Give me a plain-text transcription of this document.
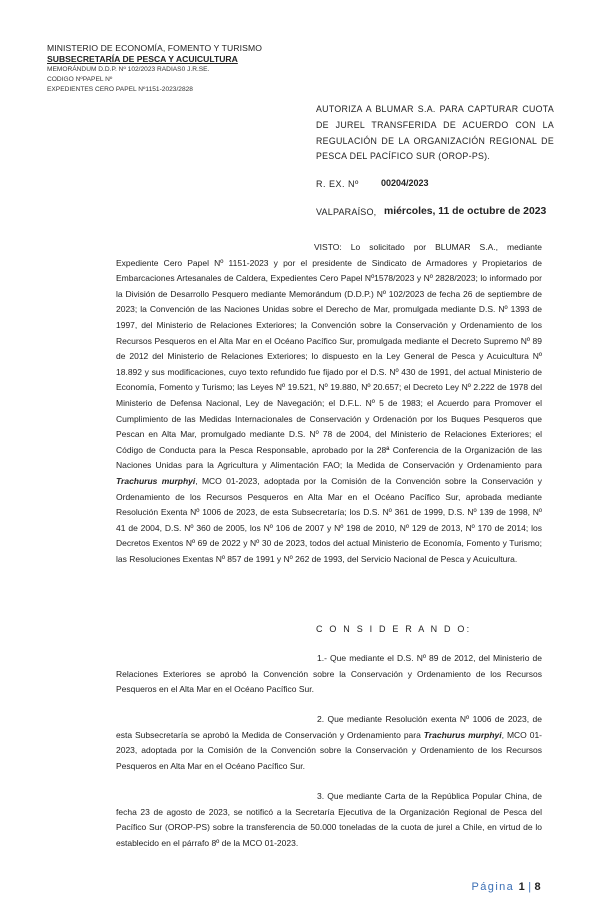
MINISTERIO DE ECONOMÍA, FOMENTO Y TURISMO
SUBSECRETARÍA DE PESCA Y ACUICULTURA
MEMORÁNDUM D.D.P. Nº 102/2023 RADIAS0 J.R.SE.
CODIGO NºPAPEL Nº
EXPEDIENTES CERO PAPEL Nº1151-2023/2828
AUTORIZA A BLUMAR S.A. PARA CAPTURAR CUOTA DE JUREL TRANSFERIDA DE ACUERDO CON LA REGULACIÓN DE LA ORGANIZACIÓN REGIONAL DE PESCA DEL PACÍFICO SUR (OROP-PS).
R. EX. Nº 00204/2023
VALPARAÍSO, miércoles, 11 de octubre de 2023
VISTO: Lo solicitado por BLUMAR S.A., mediante Expediente Cero Papel Nº 1151-2023 y por el presidente de Sindicato de Armadores y Propietarios de Embarcaciones Artesanales de Caldera, Expedientes Cero Papel Nº1578/2023 y Nº 2828/2023; lo informado por la División de Desarrollo Pesquero mediante Memorándum (D.D.P.) Nº 102/2023 de fecha 26 de septiembre de 2023; la Convención de las Naciones Unidas sobre el Derecho de Mar, promulgada mediante D.S. Nº 1393 de 1997, del Ministerio de Relaciones Exteriores; la Convención sobre la Conservación y Ordenamiento de los Recursos Pesqueros en el Alta Mar en el Océano Pacífico Sur, promulgada mediante el Decreto Supremo Nº 89 de 2012 del Ministerio de Relaciones Exteriores; lo dispuesto en la Ley General de Pesca y Acuicultura Nº 18.892 y sus modificaciones, cuyo texto refundido fue fijado por el D.S. Nº 430 de 1991, del actual Ministerio de Economía, Fomento y Turismo; las Leyes Nº 19.521, Nº 19.880, Nº 20.657; el Decreto Ley Nº 2.222 de 1978 del Ministerio de Defensa Nacional, Ley de Navegación; el D.F.L. Nº 5 de 1983; el Acuerdo para Promover el Cumplimiento de las Medidas Internacionales de Conservación y Ordenación por los Buques Pesqueros que Pescan en Alta Mar, promulgado mediante D.S. Nº 78 de 2004, del Ministerio de Relaciones Exteriores; el Código de Conducta para la Pesca Responsable, aprobado por la 28ª Conferencia de la Organización de las Naciones Unidas para la Agricultura y Alimentación FAO; la Medida de Conservación y Ordenamiento para Trachurus murphyi, MCO 01-2023, adoptada por la Comisión de la Convención sobre la Conservación y Ordenamiento de los Recursos Pesqueros en Alta Mar en el Océano Pacífico Sur, aprobada mediante Resolución Exenta Nº 1006 de 2023, de esta Subsecretaría; los D.S. Nº 361 de 1999, D.S. Nº 139 de 1998, Nº 41 de 2004, D.S. Nº 360 de 2005, los Nº 106 de 2007 y Nº 198 de 2010, Nº 129 de 2013, Nº 170 de 2014; los Decretos Exentos Nº 69 de 2022 y Nº 30 de 2023, todos del actual Ministerio de Economía, Fomento y Turismo; las Resoluciones Exentas Nº 857 de 1991 y Nº 262 de 1993, del Servicio Nacional de Pesca y Acuicultura.
C O N S I D E R A N D O:
1.- Que mediante el D.S. Nº 89 de 2012, del Ministerio de Relaciones Exteriores se aprobó la Convención sobre la Conservación y Ordenamiento de los Recursos Pesqueros en el Alta Mar en el Océano Pacífico Sur.
2. Que mediante Resolución exenta Nº 1006 de 2023, de esta Subsecretaría se aprobó la Medida de Conservación y Ordenamiento para Trachurus murphyi, MCO 01-2023, adoptada por la Comisión de la Convención sobre la Conservación y Ordenamiento de los Recursos Pesqueros en Alta Mar en el Océano Pacífico Sur.
3. Que mediante Carta de la República Popular China, de fecha 23 de agosto de 2023, se notificó a la Secretaría Ejecutiva de la Organización Regional de Pesca del Pacífico Sur (OROP-PS) sobre la transferencia de 50.000 toneladas de la cuota de jurel a Chile, en virtud de lo establecido en el párrafo 8º de la MCO 01-2023.
Página 1 | 8
